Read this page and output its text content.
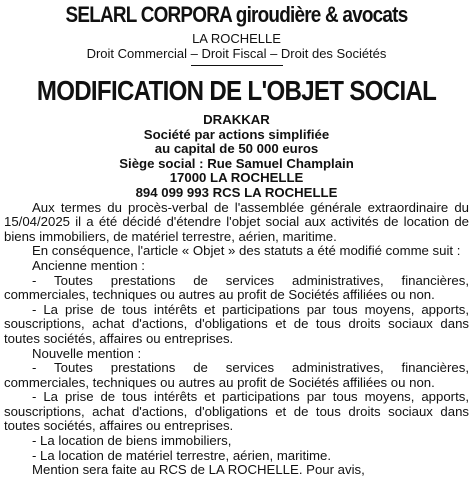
SELARL CORPORA giroudière & avocats
LA ROCHELLE
Droit Commercial – Droit Fiscal – Droit des Sociétés
MODIFICATION DE L'OBJET SOCIAL
DRAKKAR
Société par actions simplifiée
au capital de 50 000 euros
Siège social : Rue Samuel Champlain
17000 LA ROCHELLE
894 099 993 RCS LA ROCHELLE

Aux termes du procès-verbal de l'assemblée générale extraordinaire du 15/04/2025 il a été décidé d'étendre l'objet social aux activités de location de biens immobiliers, de matériel terrestre, aérien, maritime.

En conséquence, l'article « Objet » des statuts a été modifié comme suit :

Ancienne mention :

- Toutes prestations de services administratives, financières, commerciales, techniques ou autres au profit de Sociétés affiliées ou non.

- La prise de tous intérêts et participations par tous moyens, apports, souscriptions, achat d'actions, d'obligations et de tous droits sociaux dans toutes sociétés, affaires ou entreprises.

Nouvelle mention :

- Toutes prestations de services administratives, financières, commerciales, techniques ou autres au profit de Sociétés affiliées ou non.

- La prise de tous intérêts et participations par tous moyens, apports, souscriptions, achat d'actions, d'obligations et de tous droits sociaux dans toutes sociétés, affaires ou entreprises.

- La location de biens immobiliers,

- La location de matériel terrestre, aérien, maritime.

Mention sera faite au RCS de LA ROCHELLE. Pour avis,
